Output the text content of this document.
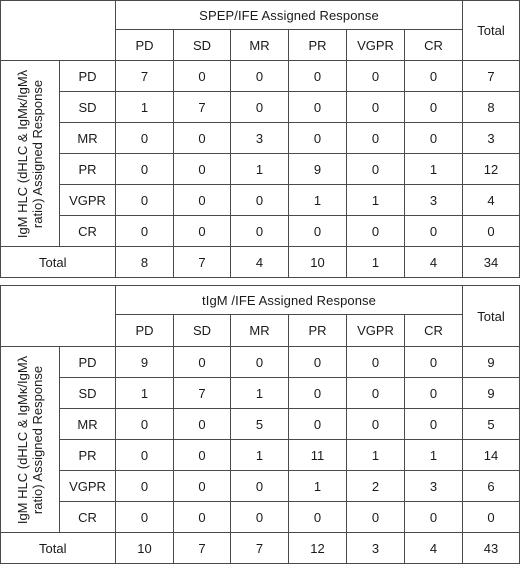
		SPEP/IFE Assigned Response						Total
		PD	SD	MR	PR	VGPR	CR	

IgM HLC (dHLC & IgMκ/IgMλ ratio) Assigned Response	PD	7	0	0	0	0	0	7
	SD	1	7	0	0	0	0	8
	MR	0	0	3	0	0	0	3
	PR	0	0	1	9	0	1	12
	VGPR	0	0	0	1	1	3	4
	CR	0	0	0	0	0	0	0
Total		8	7	4	10	1	4	34
		tIgM /IFE Assigned Response						Total
		PD	SD	MR	PR	VGPR	CR	

IgM HLC (dHLC & IgMκ/IgMλ ratio) Assigned Response	PD	9	0	0	0	0	0	9
	SD	1	7	1	0	0	0	9
	MR	0	0	5	0	0	0	5
	PR	0	0	1	11	1	1	14
	VGPR	0	0	0	1	2	3	6
	CR	0	0	0	0	0	0	0
Total		10	7	7	12	3	4	43
